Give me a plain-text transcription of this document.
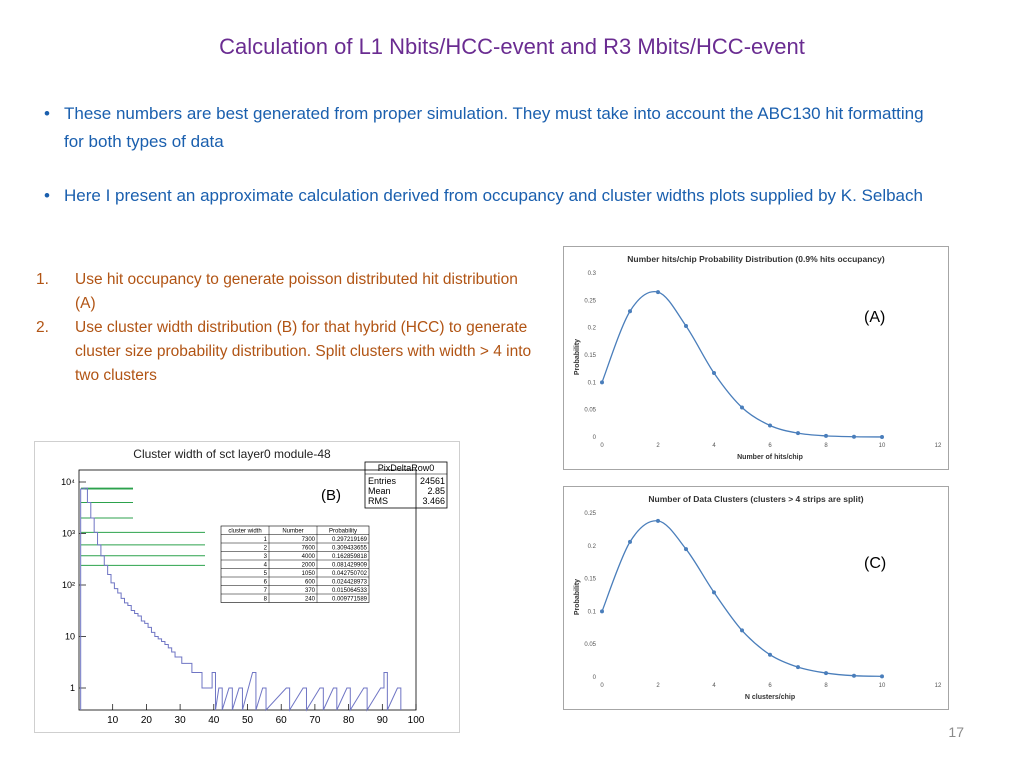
Calculation of L1 Nbits/HCC-event and R3 Mbits/HCC-event
• These numbers are best generated from proper simulation. They must take into account the ABC130 hit formatting for both types of data
• Here I present an approximate calculation derived from occupancy and cluster widths plots supplied by K. Selbach
1. Use hit occupancy to generate poisson distributed hit distribution (A)
2. Use cluster width distribution (B) for that hybrid (HCC) to generate cluster size probability distribution. Split clusters with width > 4 into two clusters
Number hits/chip Probability Distribution (0.9% hits occupancy)
Number of hits/chip
Probability
0
0.05
0.1
0.15
0.2
0.25
0.3
0	2	4	6	8	10	12
(A)
Number of Data Clusters (clusters > 4 strips are split)
N clusters/chip
Probability
0
0.05
0.1
0.15
0.2
0.25
0	2	4	6	8	10	12
(C)
Cluster width of sct layer0 module-48
PixDeltaRow0
Entries	24561
Mean	2.85
RMS	3.466
(B)
10 20 30 40 50 60 70 80 90 100
1
10
10²
10³
10⁴
cluster width	Number	Probability
1	7300	0.297219169
2	7600	0.309433655
3	4000	0.162859818
4	2000	0.081429909
5	1050	0.042750702
6	600	0.024428973
7	370	0.015064533
8	240	0.009771589
17
